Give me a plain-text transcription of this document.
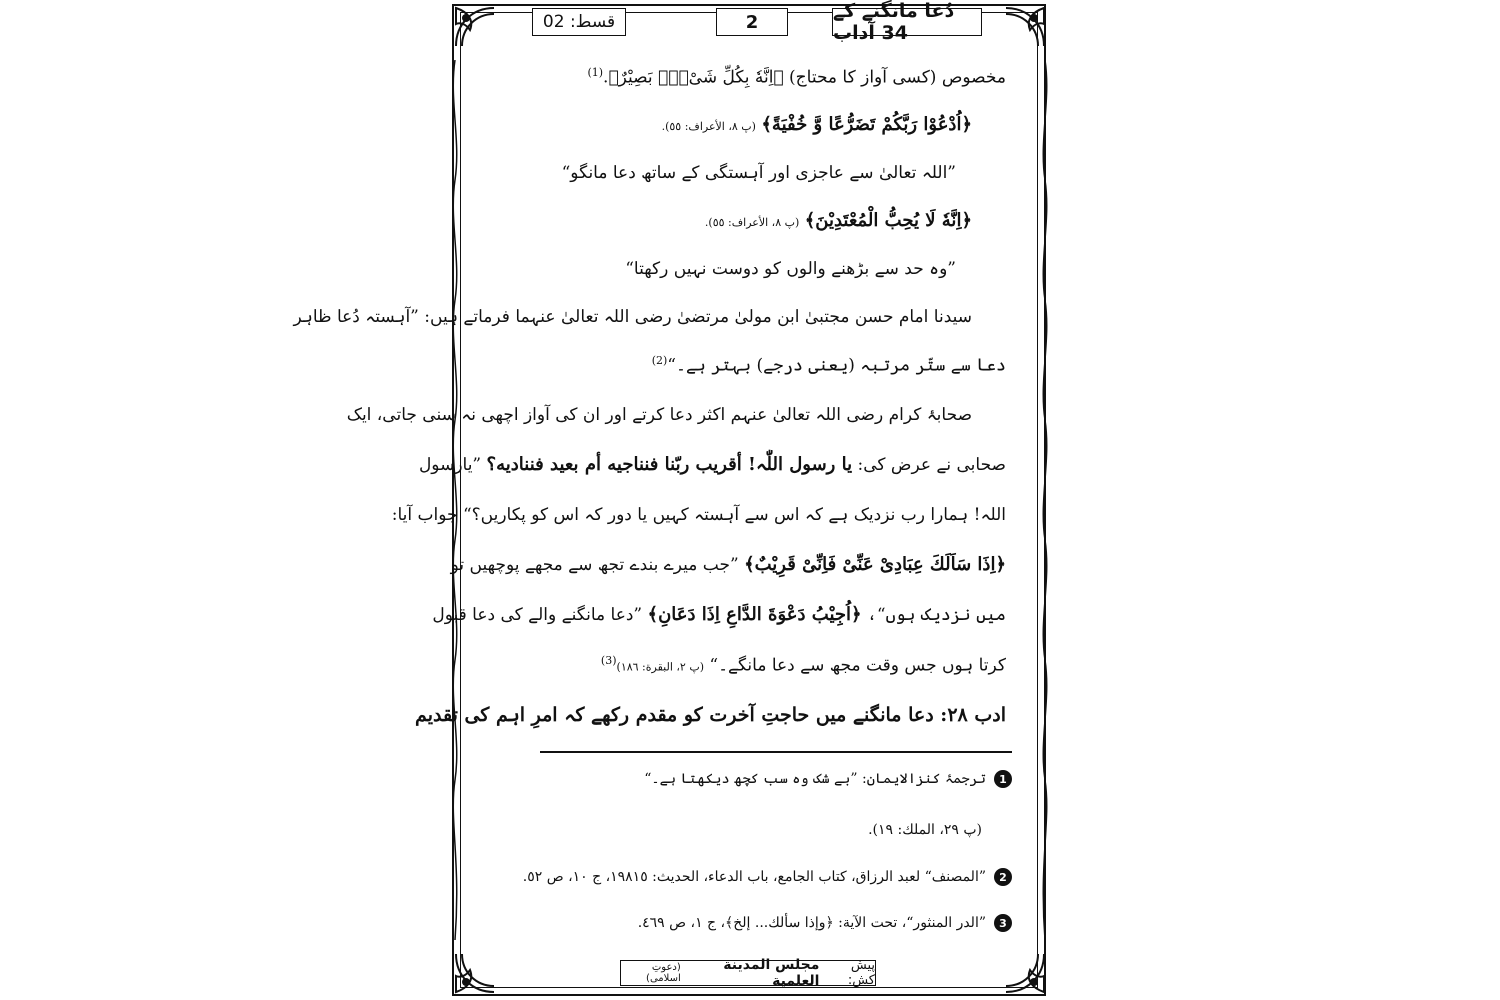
دُعا مانگنے کے 34 آداب
2
قسط: 02
مخصوص (کسی آواز کا محتاج) ﴿اِنَّهٗ بِكُلِّ شَیْءٍۭ بَصِیْرٌ﴾.$^{(1)}$
﴿اُدْعُوْا رَبَّكُمْ تَضَرُّعًا وَّ خُفْیَةً﴾ (پ ٨، الأعراف: ٥٥).
”اللہ تعالیٰ سے عاجزی اور آہستگی کے ساتھ دعا مانگو“
﴿اِنَّهٗ لَا یُحِبُّ الْمُعْتَدِیْنَ﴾ (پ ٨، الأعراف: ٥٥).
”وہ حد سے بڑھنے والوں کو دوست نہیں رکھتا“
سیدنا امام حسن مجتبیٰ ابن مولیٰ مرتضیٰ رضی اللہ تعالیٰ عنہما فرماتے ہیں: ”آہستہ دُعا ظاہر
دعا سے ستّر مرتبہ (یعنی درجے) بہتر ہے۔“$^{(2)}$
صحابۂ کرام رضی اللہ تعالیٰ عنہم اکثر دعا کرتے اور ان کی آواز اچھی نہ سنی جاتی، ایک
صحابی نے عرض کی: یا رسول اللّٰہ! أقریب ربّنا فنناجیه أم بعید فننادیه؟ ”یارسول
اللہ! ہمارا رب نزدیک ہے کہ اس سے آہستہ کہیں یا دور کہ اس کو پکاریں؟“ جواب آیا:
﴿اِذَا سَاَلَكَ عِبَادِیْ عَنِّیْ فَاِنِّیْ قَرِیْبٌ﴾ ”جب میرے بندے تجھ سے مجھے پوچھیں تو
میں نزدیک ہوں“، ﴿اُجِیْبُ دَعْوَةَ الدَّاعِ اِذَا دَعَانِ﴾ ”دعا مانگنے والے کی دعا قبول
کرتا ہوں جس وقت مجھ سے دعا مانگے۔“ (پ ٢، البقرة: ١٨٦)$^{(3)}$
ادب ۲۸: دعا مانگنے میں حاجتِ آخرت کو مقدم رکھے کہ امرِ اہم کی تقدیم
1
ترجمۂ کنزالایمان: ”بے شک وہ سب کچھ دیکھتا ہے۔“
(پ ٢٩، الملك: ١٩).
2
”المصنف“ لعبد الرزاق، كتاب الجامع، باب الدعاء، الحديث: ١٩٨١٥، ج ١٠، ص ٥٢.
3
”الدر المنثور“، تحت الآية: ﴿وإذا سألك... إلخ﴾، ج ١، ص ٤٦٩.
پیش کش:
مجلس المدينة العلمية
(دعوتِ اسلامی)
